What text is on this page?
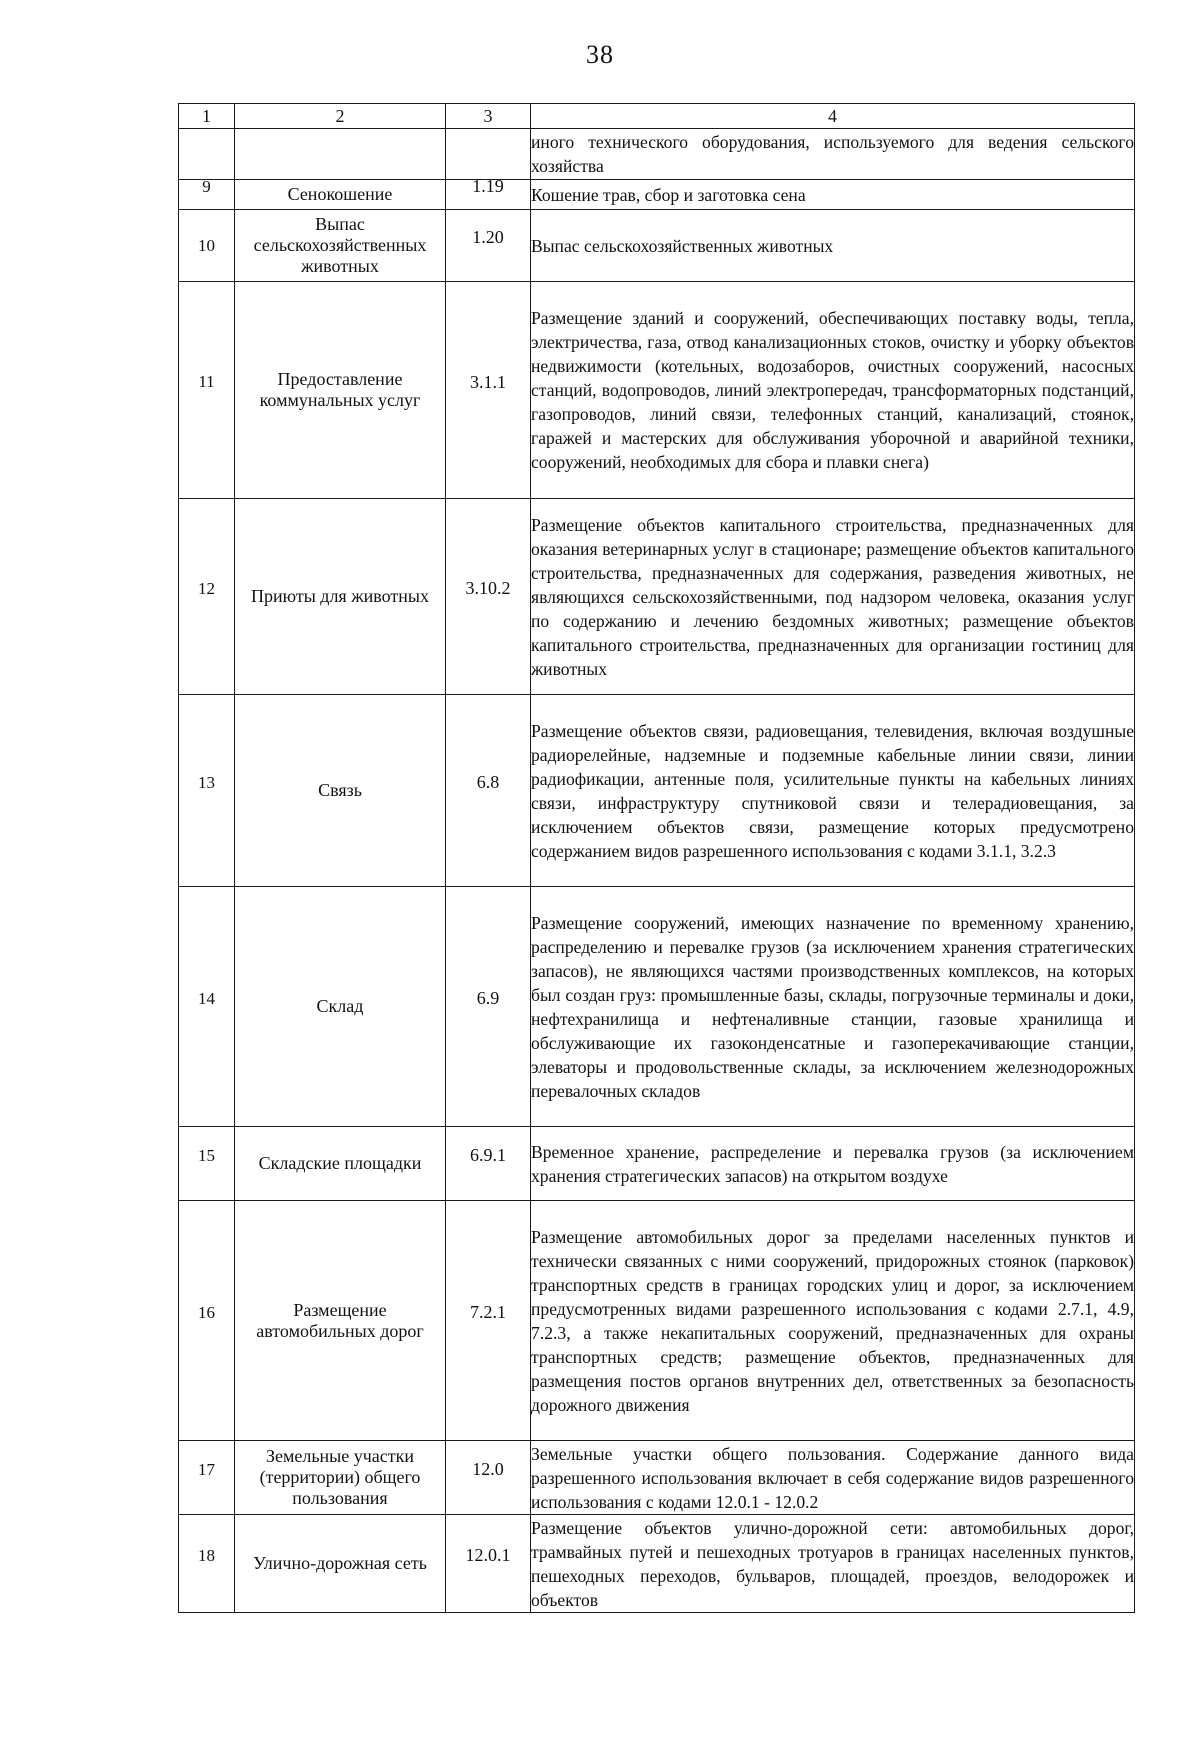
38
1	2	3	4
			иного технического оборудования, используемого для ведения сельского хозяйства
9	Сенокошение	1.19	Кошение трав, сбор и заготовка сена
10	Выпас сельскохозяйственных животных	1.20	Выпас сельскохозяйственных животных
11	Предоставление коммунальных услуг	3.1.1	Размещение зданий и сооружений, обеспечивающих поставку воды, тепла, электричества, газа, отвод канализационных стоков, очистку и уборку объектов недвижимости (котельных, водозаборов, очистных сооружений, насосных станций, водопроводов, линий электропередач, трансформаторных подстанций, газопроводов, линий связи, телефонных станций, канализаций, стоянок, гаражей и мастерских для обслуживания уборочной и аварийной техники, сооружений, необходимых для сбора и плавки снега)
12	Приюты для животных	3.10.2	Размещение объектов капитального строительства, предназначенных для оказания ветеринарных услуг в стационаре; размещение объектов капитального строительства, предназначенных для содержания, разведения животных, не являющихся сельскохозяйственными, под надзором человека, оказания услуг по содержанию и лечению бездомных животных; размещение объектов капитального строительства, предназначенных для организации гостиниц для животных
13	Связь	6.8	Размещение объектов связи, радиовещания, телевидения, включая воздушные радиорелейные, надземные и подземные кабельные линии связи, линии радиофикации, антенные поля, усилительные пункты на кабельных линиях связи, инфраструктуру спутниковой связи и телерадиовещания, за исключением объектов связи, размещение которых предусмотрено содержанием видов разрешенного использования с кодами 3.1.1, 3.2.3
14	Склад	6.9	Размещение сооружений, имеющих назначение по временному хранению, распределению и перевалке грузов (за исключением хранения стратегических запасов), не являющихся частями производственных комплексов, на которых был создан груз: промышленные базы, склады, погрузочные терминалы и доки, нефтехранилища и нефтеналивные станции, газовые хранилища и обслуживающие их газоконденсатные и газоперекачивающие станции, элеваторы и продовольственные склады, за исключением железнодорожных перевалочных складов
15	Складские площадки	6.9.1	Временное хранение, распределение и перевалка грузов (за исключением хранения стратегических запасов) на открытом воздухе
16	Размещение автомобильных дорог	7.2.1	Размещение автомобильных дорог за пределами населенных пунктов и технически связанных с ними сооружений, придорожных стоянок (парковок) транспортных средств в границах городских улиц и дорог, за исключением предусмотренных видами разрешенного использования с кодами 2.7.1, 4.9, 7.2.3, а также некапитальных сооружений, предназначенных для охраны транспортных средств; размещение объектов, предназначенных для размещения постов органов внутренних дел, ответственных за безопасность дорожного движения
17	Земельные участки (территории) общего пользования	12.0	Земельные участки общего пользования. Содержание данного вида разрешенного использования включает в себя содержание видов разрешенного использования с кодами 12.0.1 - 12.0.2
18	Улично-дорожная сеть	12.0.1	Размещение объектов улично-дорожной сети: автомобильных дорог, трамвайных путей и пешеходных тротуаров в границах населенных пунктов, пешеходных переходов, бульваров, площадей, проездов, велодорожек и объектов
